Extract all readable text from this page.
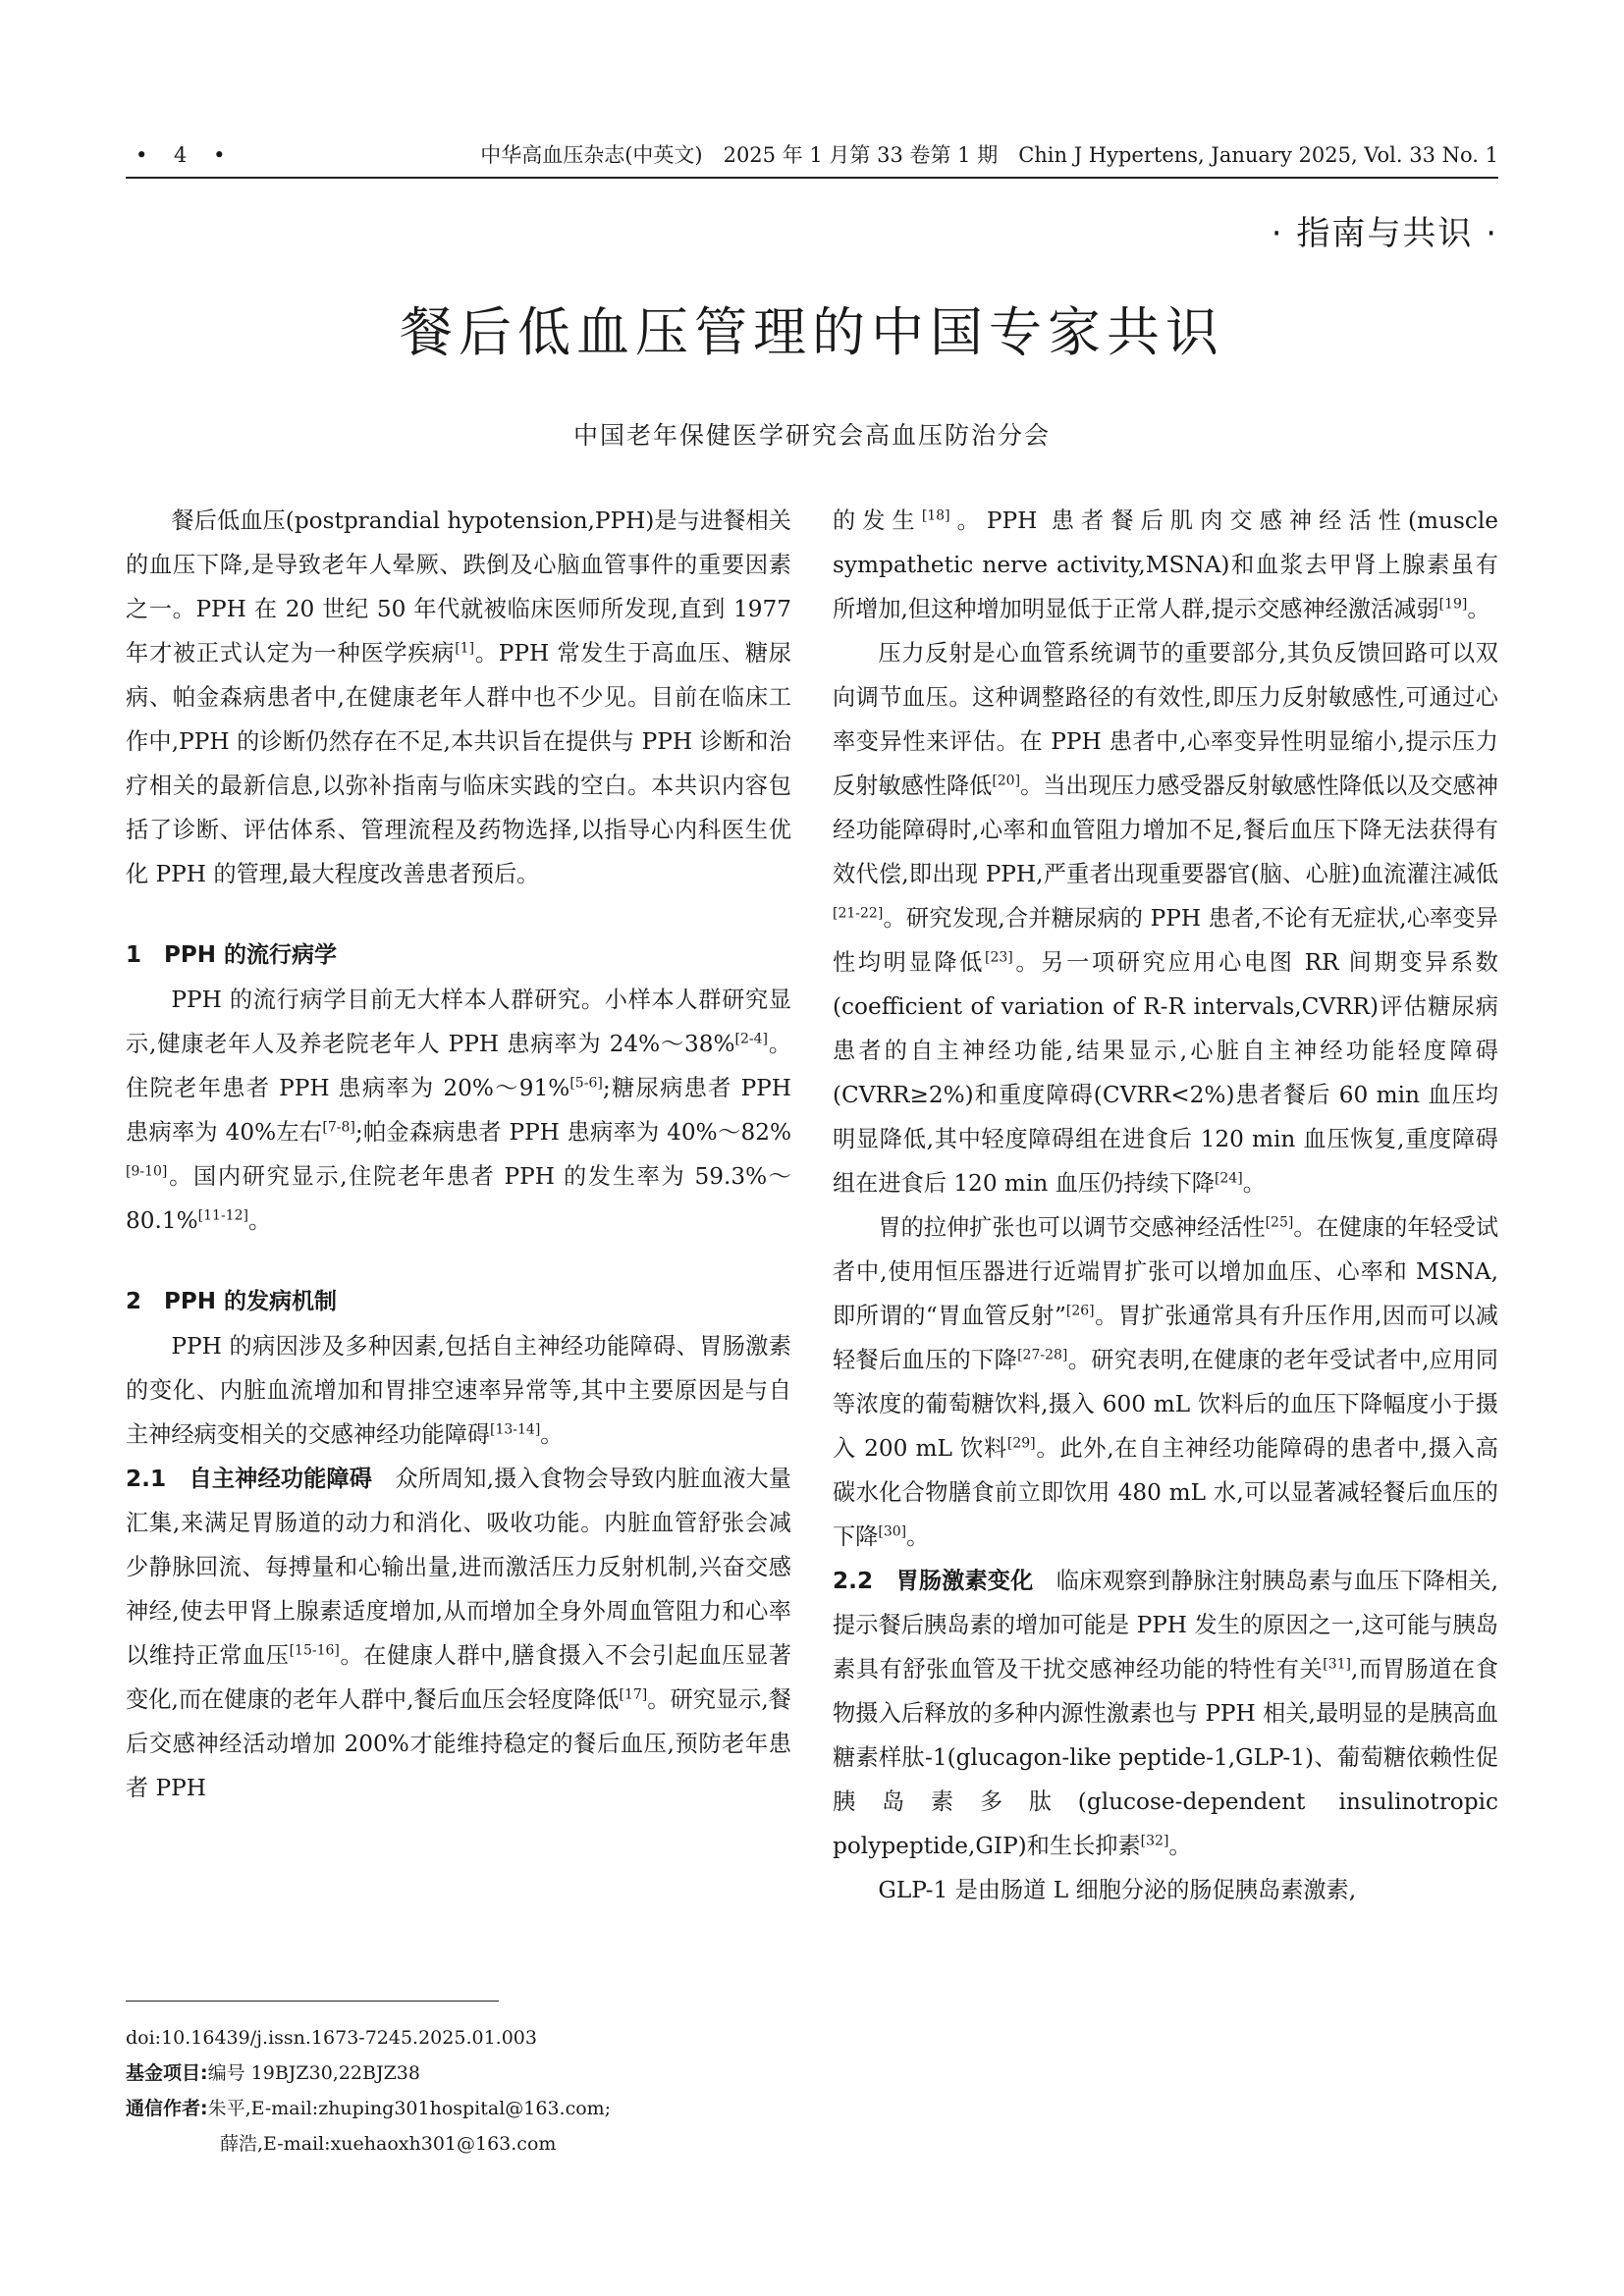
• 4 •	中华高血压杂志(中英文)　2025 年 1 月第 33 卷第 1 期　Chin J Hypertens, January 2025, Vol. 33 No. 1
· 指南与共识 ·
餐后低血压管理的中国专家共识
中国老年保健医学研究会高血压防治分会

餐后低血压(postprandial hypotension,PPH)是与进餐相关的血压下降,是导致老年人晕厥、跌倒及心脑血管事件的重要因素之一。PPH 在 20 世纪 50 年代就被临床医师所发现,直到 1977 年才被正式认定为一种医学疾病[1]。PPH 常发生于高血压、糖尿病、帕金森病患者中,在健康老年人群中也不少见。目前在临床工作中,PPH 的诊断仍然存在不足,本共识旨在提供与 PPH 诊断和治疗相关的最新信息,以弥补指南与临床实践的空白。本共识内容包括了诊断、评估体系、管理流程及药物选择,以指导心内科医生优化 PPH 的管理,最大程度改善患者预后。

1　PPH 的流行病学

PPH 的流行病学目前无大样本人群研究。小样本人群研究显示,健康老年人及养老院老年人 PPH 患病率为 24%～38%[2-4]。住院老年患者 PPH 患病率为 20%～91%[5-6];糖尿病患者 PPH 患病率为 40%左右[7-8];帕金森病患者 PPH 患病率为 40%～82%[9-10]。国内研究显示,住院老年患者 PPH 的发生率为 59.3%～80.1%[11-12]。

2　PPH 的发病机制

PPH 的病因涉及多种因素,包括自主神经功能障碍、胃肠激素的变化、内脏血流增加和胃排空速率异常等,其中主要原因是与自主神经病变相关的交感神经功能障碍[13-14]。

2.1　自主神经功能障碍　众所周知,摄入食物会导致内脏血液大量汇集,来满足胃肠道的动力和消化、吸收功能。内脏血管舒张会减少静脉回流、每搏量和心输出量,进而激活压力反射机制,兴奋交感神经,使去甲肾上腺素适度增加,从而增加全身外周血管阻力和心率以维持正常血压[15-16]。在健康人群中,膳食摄入不会引起血压显著变化,而在健康的老年人群中,餐后血压会轻度降低[17]。研究显示,餐后交感神经活动增加 200%才能维持稳定的餐后血压,预防老年患者 PPH

的发生[18]。PPH 患者餐后肌肉交感神经活性(muscle sympathetic nerve activity,MSNA)和血浆去甲肾上腺素虽有所增加,但这种增加明显低于正常人群,提示交感神经激活减弱[19]。

压力反射是心血管系统调节的重要部分,其负反馈回路可以双向调节血压。这种调整路径的有效性,即压力反射敏感性,可通过心率变异性来评估。在 PPH 患者中,心率变异性明显缩小,提示压力反射敏感性降低[20]。当出现压力感受器反射敏感性降低以及交感神经功能障碍时,心率和血管阻力增加不足,餐后血压下降无法获得有效代偿,即出现 PPH,严重者出现重要器官(脑、心脏)血流灌注减低[21-22]。研究发现,合并糖尿病的 PPH 患者,不论有无症状,心率变异性均明显降低[23]。另一项研究应用心电图 RR 间期变异系数(coefficient of variation of R-R intervals,CVRR)评估糖尿病患者的自主神经功能,结果显示,心脏自主神经功能轻度障碍(CVRR≥2%)和重度障碍(CVRR<2%)患者餐后 60 min 血压均明显降低,其中轻度障碍组在进食后 120 min 血压恢复,重度障碍组在进食后 120 min 血压仍持续下降[24]。

胃的拉伸扩张也可以调节交感神经活性[25]。在健康的年轻受试者中,使用恒压器进行近端胃扩张可以增加血压、心率和 MSNA,即所谓的“胃血管反射”[26]。胃扩张通常具有升压作用,因而可以减轻餐后血压的下降[27-28]。研究表明,在健康的老年受试者中,应用同等浓度的葡萄糖饮料,摄入 600 mL 饮料后的血压下降幅度小于摄入 200 mL 饮料[29]。此外,在自主神经功能障碍的患者中,摄入高碳水化合物膳食前立即饮用 480 mL 水,可以显著减轻餐后血压的下降[30]。

2.2　胃肠激素变化　临床观察到静脉注射胰岛素与血压下降相关,提示餐后胰岛素的增加可能是 PPH 发生的原因之一,这可能与胰岛素具有舒张血管及干扰交感神经功能的特性有关[31],而胃肠道在食物摄入后释放的多种内源性激素也与 PPH 相关,最明显的是胰高血糖素样肽-1(glucagon-like peptide-1,GLP-1)、葡萄糖依赖性促胰岛素多肽(glucose-dependent insulinotropic polypeptide,GIP)和生长抑素[32]。

GLP-1 是由肠道 L 细胞分泌的肠促胰岛素激素,

doi:10.16439/j.issn.1673-7245.2025.01.003
基金项目:编号 19BJZ30,22BJZ38
通信作者:朱平,E-mail:zhuping301hospital@163.com;
薛浩,E-mail:xuehaoxh301@163.com
